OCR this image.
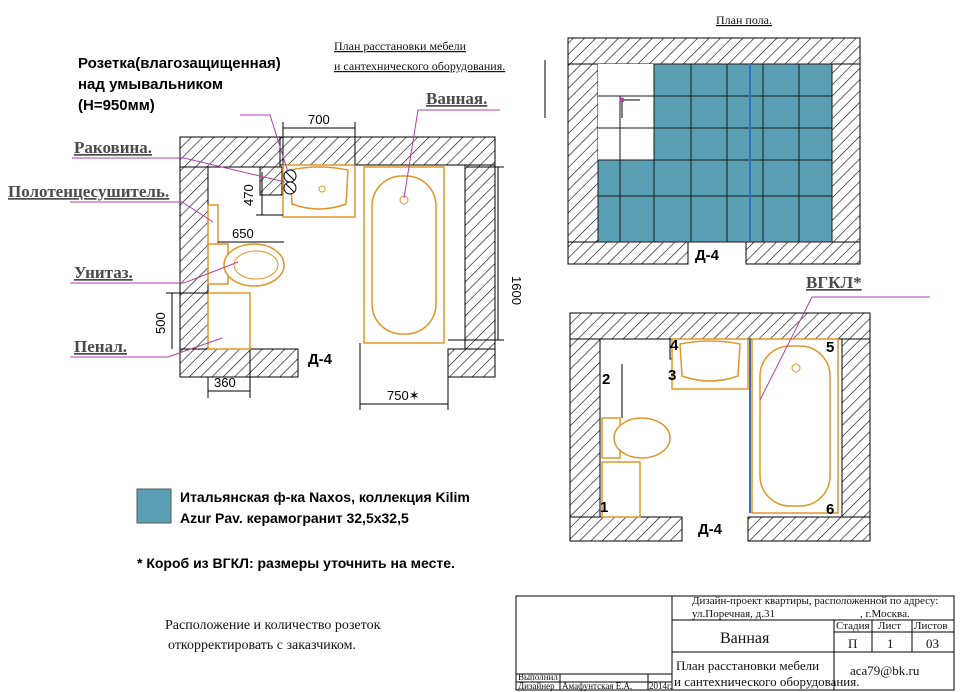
700
470
650
1600
500
360
750✶
Д-4
Розетка(влагозащищенная)
над умывальником
(Н=950мм)
Раковина.
Полотенцесушитель.
Унитаз.
Пенал.
Ванная.
План расстановки мебели
и сантехнического оборудования.
План пола.
Д-4
1
2	3
4	5
6
Д-4
ВГКЛ*
Итальянская ф-ка Naxos, коллекция Kilim
Azur Pav. керамогранит 32,5х32,5
* Короб из ВГКЛ: размеры уточнить на месте.
Расположение и количество розеток
откорректировать с заказчиком.
Дизайн-проект квартиры, расположенной по адресу:
ул.Поречная, д.31	, г.Москва.
Ванная
План расстановки мебели
и сантехнического оборудования.
Стадия Лист Листов
П 1	03
aca79@bk.ru
Выполнил
Дизайнер Амафунтская Е.А. 2014г.
